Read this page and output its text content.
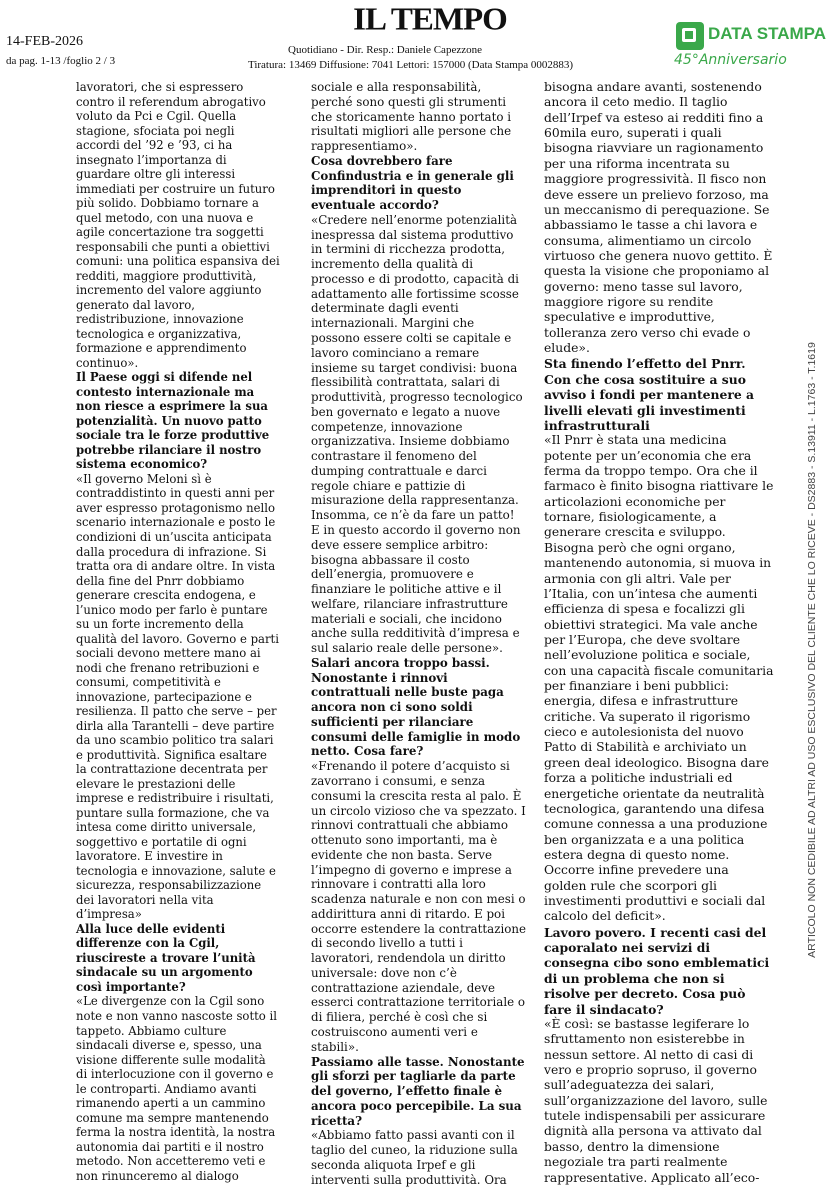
14-FEB-2026
da pag. 1-13 /foglio 2 / 3
IL TEMPO
Quotidiano - Dir. Resp.: Daniele Capezzone
Tiratura: 13469 Diffusione: 7041 Lettori: 157000 (Data Stampa 0002883)
DATA STAMPA
45°Anniversario
ARTICOLO NON CEDIBILE AD ALTRI AD USO ESCLUSIVO DEL CLIENTE CHE LO RICEVE - DS2883 - S.13911 - L.1763 - T.1619

lavoratori, che si espressero contro il referendum abrogativo voluto da Pci e Cgil. Quella stagione, sfociata poi negli accordi del ’92 e ’93, ci ha insegnato l’importanza di guardare oltre gli interessi immediati per costruire un futuro più solido. Dobbiamo tornare a quel metodo, con una nuova e agile concertazione tra soggetti responsabili che punti a obiettivi comuni: una politica espansiva dei redditi, maggiore produttività, incremento del valore aggiunto generato dal lavoro, redistribuzione, innovazione tecnologica e organizzativa, formazione e apprendimento continuo».

Il Paese oggi si difende nel contesto internazionale ma non riesce a esprimere la sua potenzialità. Un nuovo patto sociale tra le forze produttive potrebbe rilanciare il nostro sistema economico?

«Il governo Meloni sì è contraddistinto in questi anni per aver espresso protagonismo nello scenario internazionale e posto le condizioni di un’uscita anticipata dalla procedura di infrazione. Si tratta ora di andare oltre. In vista della fine del Pnrr dobbiamo generare crescita endogena, e l’unico modo per farlo è puntare su un forte incremento della qualità del lavoro. Governo e parti sociali devono mettere mano ai nodi che frenano retribuzioni e consumi, competitività e innovazione, partecipazione e resilienza. Il patto che serve – per dirla alla Tarantelli – deve partire da uno scambio politico tra salari e produttività. Significa esaltare la contrattazione decentrata per elevare le prestazioni delle imprese e redistribuire i risultati, puntare sulla formazione, che va intesa come diritto universale, soggettivo e portatile di ogni lavoratore. E investire in tecnologia e innovazione, salute e sicurezza, responsabilizzazione dei lavoratori nella vita d’impresa»

Alla luce delle evidenti differenze con la Cgil, riuscireste a trovare l’unità sindacale su un argomento così importante?

«Le divergenze con la Cgil sono note e non vanno nascoste sotto il tappeto. Abbiamo culture sindacali diverse e, spesso, una visione differente sulle modalità di interlocuzione con il governo e le controparti. Andiamo avanti rimanendo aperti a un cammino comune ma sempre mantenendo ferma la nostra identità, la nostra autonomia dai partiti e il nostro metodo. Non accetteremo veti e non rinunceremo al dialogo

sociale e alla responsabilità, perché sono questi gli strumenti che storicamente hanno portato i risultati migliori alle persone che rappresentiamo».

Cosa dovrebbero fare Confindustria e in generale gli imprenditori in questo eventuale accordo?

«Credere nell’enorme potenzialità inespressa dal sistema produttivo in termini di ricchezza prodotta, incremento della qualità di processo e di prodotto, capacità di adattamento alle fortissime scosse determinate dagli eventi internazionali. Margini che possono essere colti se capitale e lavoro cominciano a remare insieme su target condivisi: buona flessibilità contrattata, salari di produttività, progresso tecnologico ben governato e legato a nuove competenze, innovazione organizzativa. Insieme dobbiamo contrastare il fenomeno del dumping contrattuale e darci regole chiare e pattizie di misurazione della rappresentanza. Insomma, ce n’è da fare un patto! E in questo accordo il governo non deve essere semplice arbitro: bisogna abbassare il costo dell’energia, promuovere e finanziare le politiche attive e il welfare, rilanciare infrastrutture materiali e sociali, che incidono anche sulla redditività d’impresa e sul salario reale delle persone».

Salari ancora troppo bassi. Nonostante i rinnovi contrattuali nelle buste paga ancora non ci sono soldi sufficienti per rilanciare consumi delle famiglie in modo netto. Cosa fare?

«Frenando il potere d’acquisto si zavorrano i consumi, e senza consumi la crescita resta al palo. È un circolo vizioso che va spezzato. I rinnovi contrattuali che abbiamo ottenuto sono importanti, ma è evidente che non basta. Serve l’impegno di governo e imprese a rinnovare i contratti alla loro scadenza naturale e non con mesi o addirittura anni di ritardo. E poi occorre estendere la contrattazione di secondo livello a tutti i lavoratori, rendendola un diritto universale: dove non c’è contrattazione aziendale, deve esserci contrattazione territoriale o di filiera, perché è così che si costruiscono aumenti veri e stabili».

Passiamo alle tasse. Nonostante gli sforzi per tagliarle da parte del governo, l’effetto finale è ancora poco percepibile. La sua ricetta?

«Abbiamo fatto passi avanti con il taglio del cuneo, la riduzione sulla seconda aliquota Irpef e gli interventi sulla produttività. Ora

bisogna andare avanti, sostenendo ancora il ceto medio. Il taglio dell’Irpef va esteso ai redditi fino a 60mila euro, superati i quali bisogna riavviare un ragionamento per una riforma incentrata su maggiore progressività. Il fisco non deve essere un prelievo forzoso, ma un meccanismo di perequazione. Se abbassiamo le tasse a chi lavora e consuma, alimentiamo un circolo virtuoso che genera nuovo gettito. È questa la visione che proponiamo al governo: meno tasse sul lavoro, maggiore rigore su rendite speculative e improduttive, tolleranza zero verso chi evade o elude».

Sta finendo l’effetto del Pnrr. Con che cosa sostituire a suo avviso i fondi per mantenere a livelli elevati gli investimenti infrastrutturali

«Il Pnrr è stata una medicina potente per un’economia che era ferma da troppo tempo. Ora che il farmaco è finito bisogna riattivare le articolazioni economiche per tornare, fisiologicamente, a generare crescita e sviluppo. Bisogna però che ogni organo, mantenendo autonomia, si muova in armonia con gli altri. Vale per l’Italia, con un’intesa che aumenti efficienza di spesa e focalizzi gli obiettivi strategici. Ma vale anche per l’Europa, che deve svoltare nell’evoluzione politica e sociale, con una capacità fiscale comunitaria per finanziare i beni pubblici: energia, difesa e infrastrutture critiche. Va superato il rigorismo cieco e autolesionista del nuovo Patto di Stabilità e archiviato un green deal ideologico. Bisogna dare forza a politiche industriali ed energetiche orientate da neutralità tecnologica, garantendo una difesa comune connessa a una produzione ben organizzata e a una politica estera degna di questo nome. Occorre infine prevedere una golden rule che scorpori gli investimenti produttivi e sociali dal calcolo del deficit».

Lavoro povero. I recenti casi del caporalato nei servizi di consegna cibo sono emblematici di un problema che non si risolve per decreto. Cosa può fare il sindacato?

«È così: se bastasse legiferare lo sfruttamento non esisterebbe in nessun settore. Al netto di casi di vero e proprio sopruso, il governo sull’adeguatezza dei salari, sull’organizzazione del lavoro, sulle tutele indispensabili per assicurare dignità alla persona va attivato dal basso, dentro la dimensione negoziale tra parti realmente rappresentative. Applicato all’eco-
